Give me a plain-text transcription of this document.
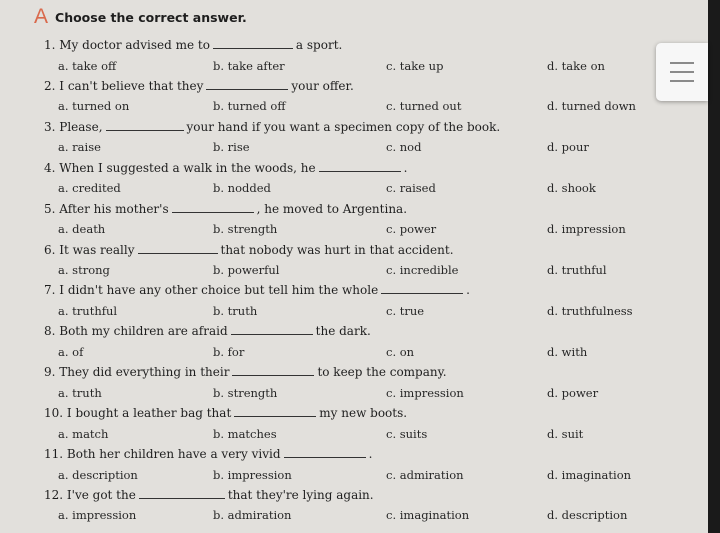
A Choose the correct answer.
1. My doctor advised me to	a sport.
a. take off	b. take after	c. take up	d. take on
2. I can't believe that they	your offer.
a. turned on	b. turned off	c. turned out	d. turned down
3. Please,	your hand if you want a specimen copy of the book.
a. raise	b. rise	c. nod	d. pour
4. When I suggested a walk in the woods, he	.
a. credited	b. nodded	c. raised	d. shook
5. After his mother's	, he moved to Argentina.
a. death	b. strength	c. power	d. impression
6. It was really	that nobody was hurt in that accident.
a. strong	b. powerful	c. incredible	d. truthful
7. I didn't have any other choice but tell him the whole	.
a. truthful	b. truth	c. true	d. truthfulness
8. Both my children are afraid	the dark.
a. of	b. for	c. on	d. with
9. They did everything in their	to keep the company.
a. truth	b. strength	c. impression	d. power
10. I bought a leather bag that	my new boots.
a. match	b. matches	c. suits	d. suit
11. Both her children have a very vivid	.
a. description	b. impression	c. admiration	d. imagination
12. I've got the	that they're lying again.
a. impression	b. admiration	c. imagination	d. description
